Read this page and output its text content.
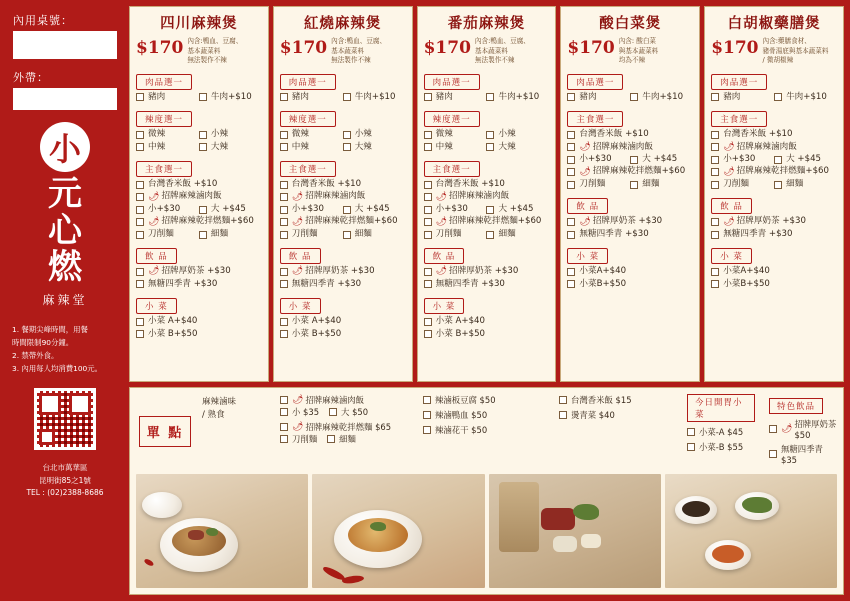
內用桌號：
外帶：
小
元
心
燃
麻辣堂
1. 餐期尖峰時間，用餐
時間限制90分鐘。
2. 禁帶外食。
3. 內用每人均消費100元。
台北市萬華區
昆明街85之1號
TEL : (02)2388-8686
四川麻辣煲
$170 內含:鴨血、豆腐、
基本蔬菜料
無法製作不辣
肉品選一
豬肉	牛肉+$10
辣度選一
微辣	小辣
中辣	大辣
主食選一
台灣香米飯 +$10
🌶 招牌麻辣滷肉飯
小+$30	大 +$45
🌶 招牌麻辣乾拌燃麵+$60
刀削麵	細麵
飲 品
🌶 招牌厚奶茶 +$30
無糖四季青 +$30
小 菜
小菜 A+$40
小菜 B+$50
紅燒麻辣煲
$170 內含:鴨血、豆腐、
基本蔬菜料
無法製作不辣
肉品選一
豬肉	牛肉+$10
辣度選一
微辣	小辣
中辣	大辣
主食選一
台灣香米飯 +$10
🌶 招牌麻辣滷肉飯
小+$30	大 +$45
🌶 招牌麻辣乾拌燃麵+$60
刀削麵	細麵
飲 品
🌶 招牌厚奶茶 +$30
無糖四季青 +$30
小 菜
小菜 A+$40
小菜 B+$50
番茄麻辣煲
$170 內含:鴨血、豆腐、
基本蔬菜料
無法製作不辣
肉品選一
豬肉	牛肉+$10
辣度選一
微辣	小辣
中辣	大辣
主食選一
台灣香米飯 +$10
🌶 招牌麻辣滷肉飯
小+$30	大 +$45
🌶 招牌麻辣乾拌燃麵+$60
刀削麵	細麵
飲 品
🌶 招牌厚奶茶 +$30
無糖四季青 +$30
小 菜
小菜 A+$40
小菜 B+$50
酸白菜煲
$170 內含: 酸白菜
與基本蔬菜料
均為不辣
肉品選一
豬肉	牛肉+$10
主食選一
台灣香米飯 +$10
🌶 招牌麻辣滷肉飯
小+$30	大 +$45
🌶 招牌麻辣乾拌燃麵+$60
刀削麵	細麵
飲 品
🌶 招牌厚奶茶 +$30
無糖四季青 +$30
小 菜
小菜A+$40
小菜B+$50
白胡椒藥膳煲
$170 內含:藥膳食材、
豬骨湯底與基本蔬菜料
/ 微胡椒辣
肉品選一
豬肉	牛肉+$10
主食選一
台灣香米飯 +$10
🌶 招牌麻辣滷肉飯
小+$30	大 +$45
🌶 招牌麻辣乾拌燃麵+$60
刀削麵	細麵
飲 品
🌶 招牌厚奶茶 +$30
無糖四季青 +$30
小 菜
小菜A+$40
小菜B+$50
單 點
麻辣滷味
/ 熟食
🌶 招牌麻辣滷肉飯
小 $35	大 $50
🌶 招牌麻辣乾拌燃麵 $65
刀削麵	細麵
辣滷板豆腐 $50
辣滷鴨血 $50
辣滷花干 $50
台灣香米飯 $15
燙青菜 $40
今日開胃小菜
小菜-A $45
小菜-B $55
特色飲品
🌶 招牌厚奶茶 $50
無糖四季青 $35
